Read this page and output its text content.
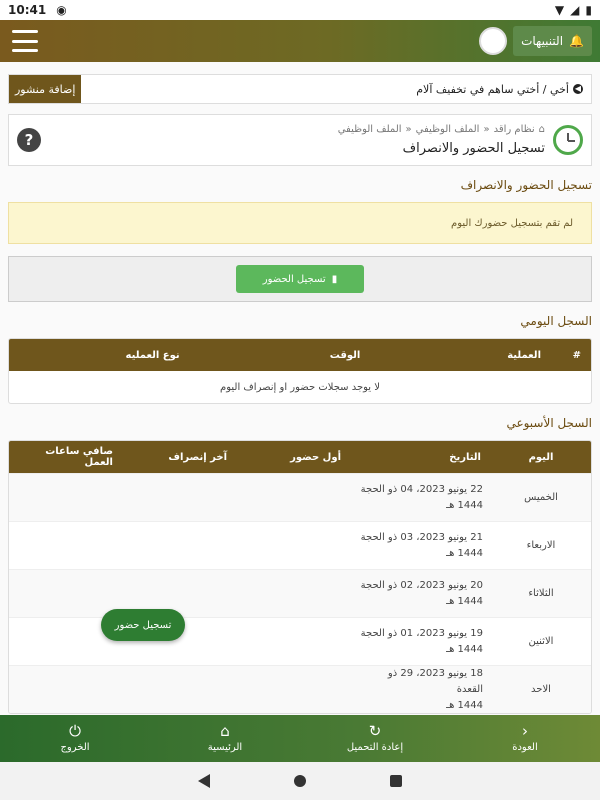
10:41 ◉	▼ ◢ ▮
🔔
التنبيهات
إضافة منشور	◀
أخي / أختي ساهم في تخفيف آلام
⌂
نظام راقد
«
الملف الوظيفي
«
الملف الوظيفي
تسجيل الحضور والانصراف
?
تسجيل الحضور والانصراف
لم تقم بتسجيل حضورك اليوم
▮
تسجيل الحضور
السجل اليومي
#
العملية
الوقت
نوع العمليه
لا يوجد سجلات حضور او إنصراف اليوم
السجل الأسبوعي
اليوم
التاريخ
أول حضور
آخر إنصراف
صافي ساعات العمل
الخميس
22 يونيو 2023، 04 ذو الحجة
1444 هـ
الاربعاء
21 يونيو 2023، 03 ذو الحجة
1444 هـ
الثلاثاء
20 يونيو 2023، 02 ذو الحجة
1444 هـ
الاثنين
19 يونيو 2023، 01 ذو الحجة
1444 هـ
الاحد
18 يونيو 2023، 29 ذو القعدة
1444 هـ
تسجيل حضور
⏻
الخروج
⌂
الرئيسية
↻
إعادة التحميل
›
العودة
